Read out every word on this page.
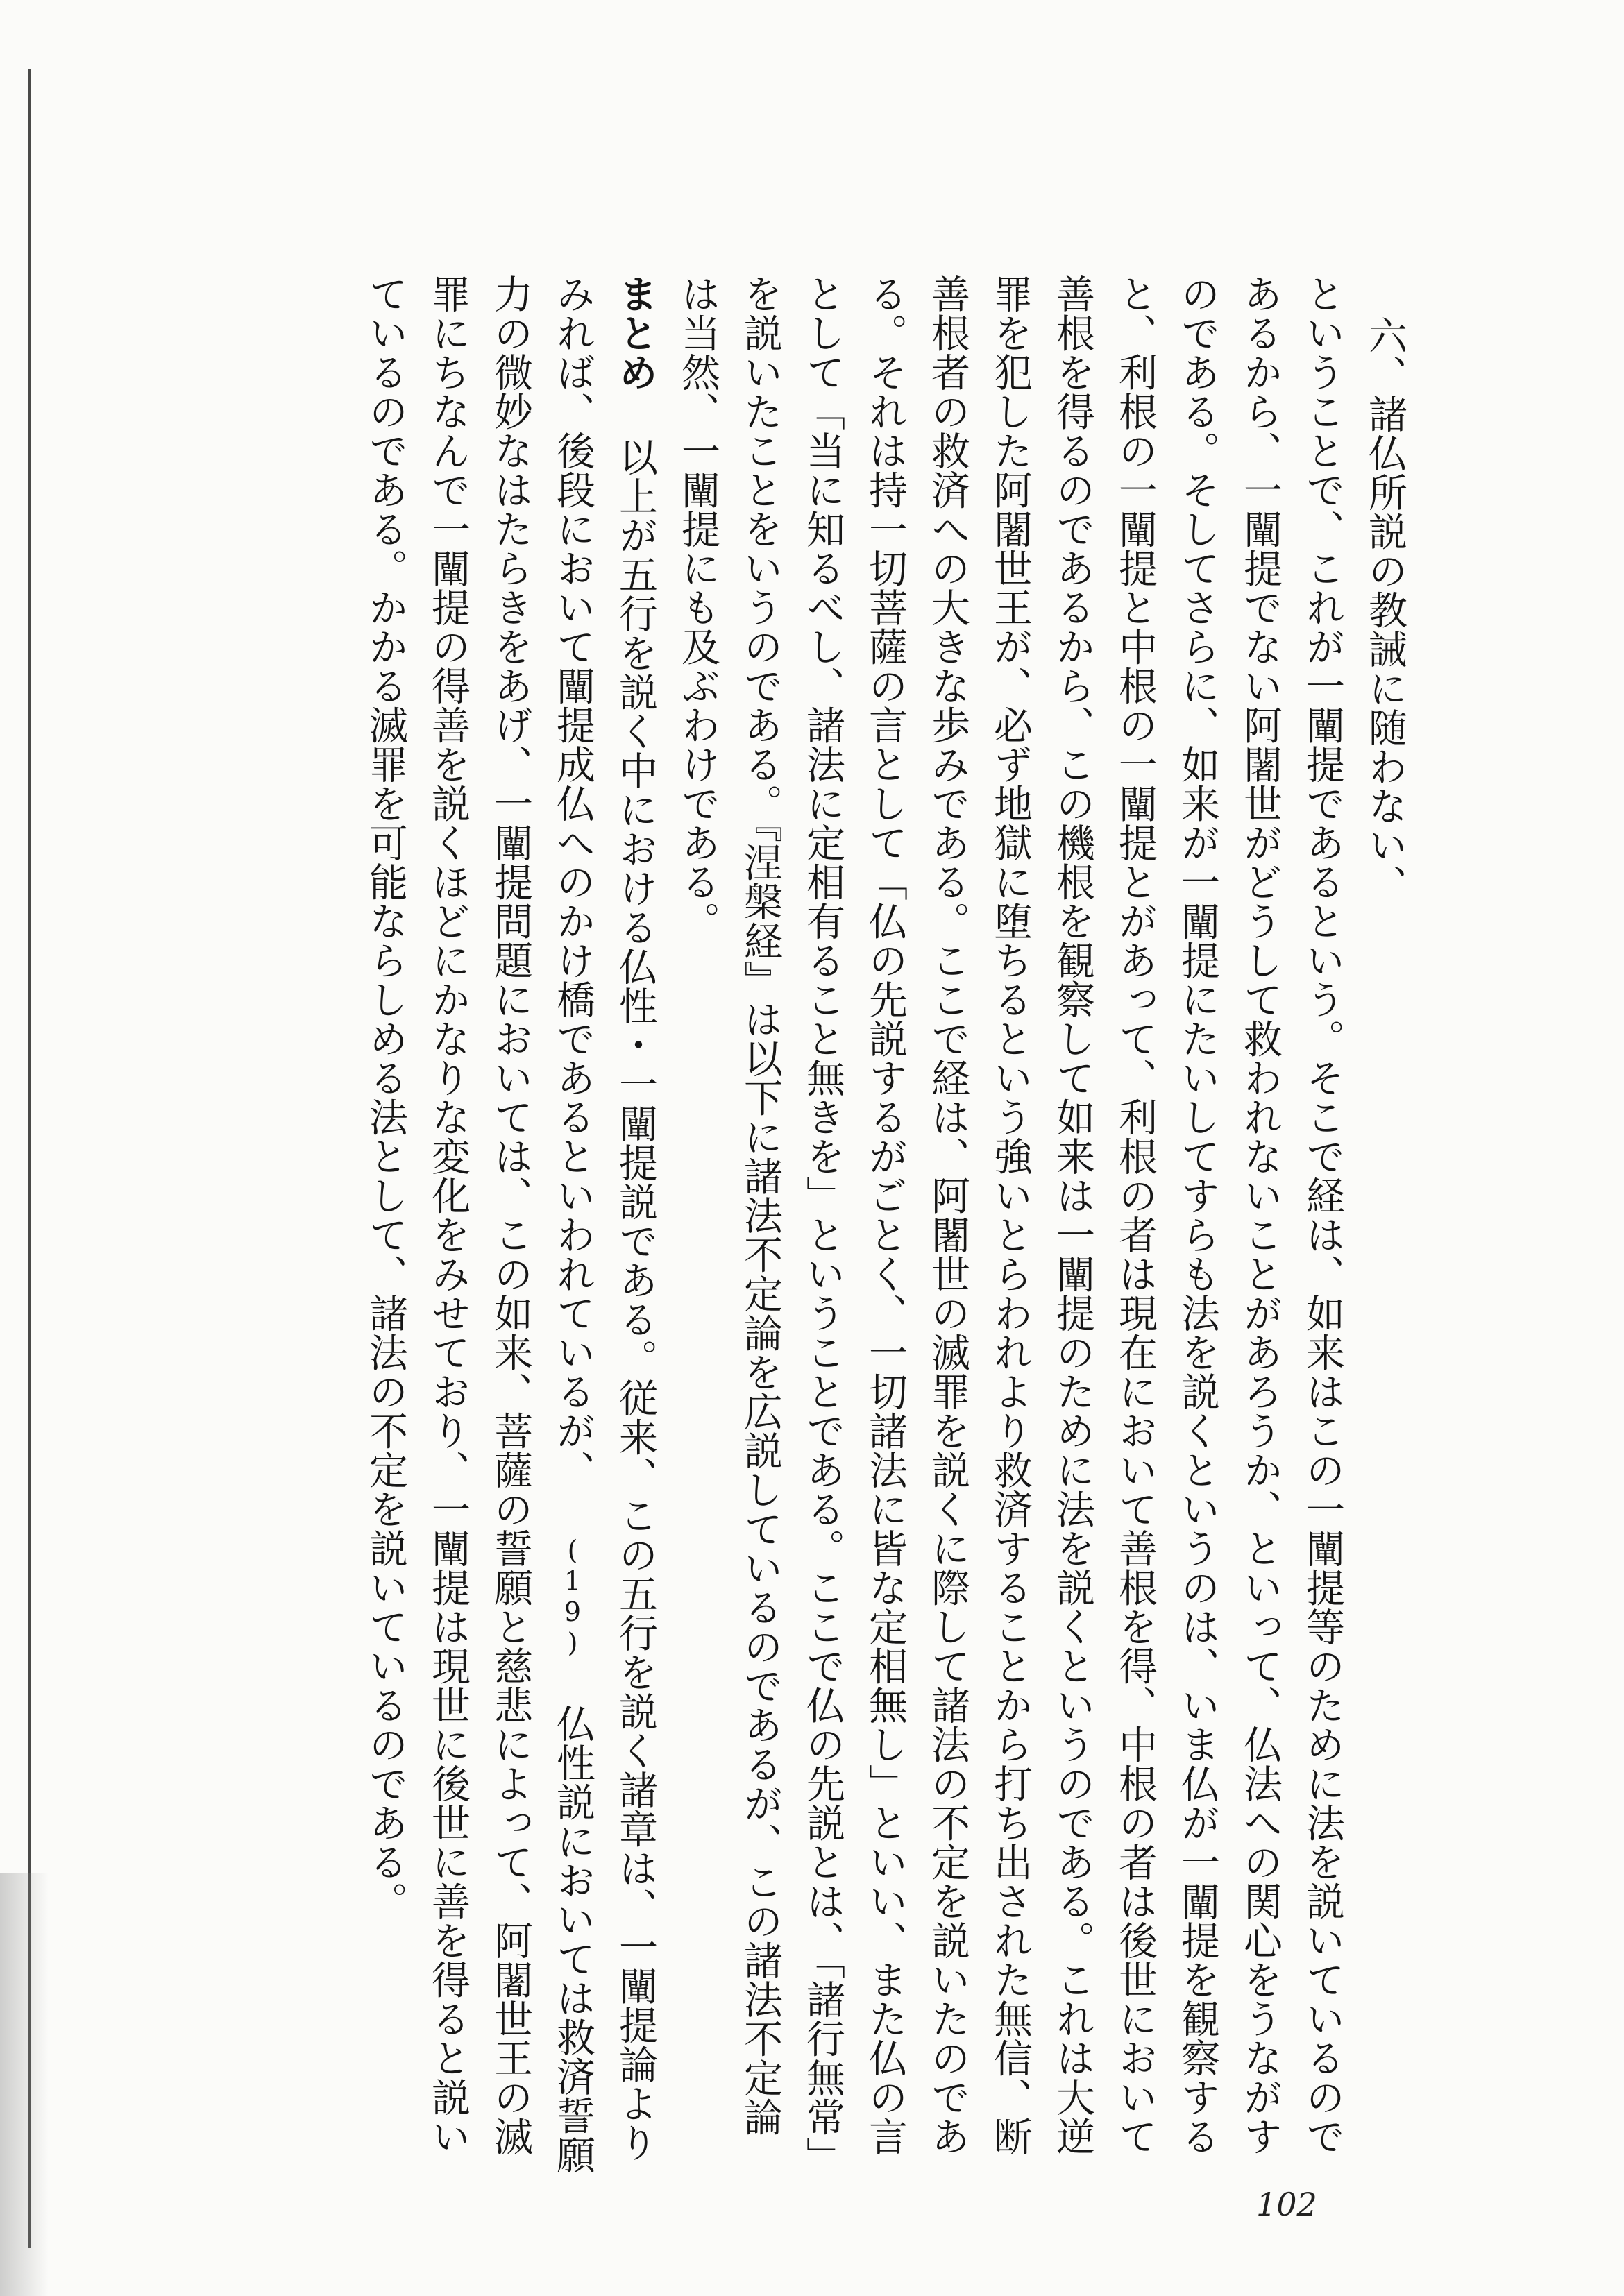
六、諸仏所説の教誡に随わない、

ということで、これが一闡提であるという。そこで経は、如来はこの一闡提等のために法を説いているのであるから、一闡提でない阿闍世がどうして救われないことがあろうか、といって、仏法への関心をうながすのである。そしてさらに、如来が一闡提にたいしてすらも法を説くというのは、いま仏が一闡提を観察すると、利根の一闡提と中根の一闡提とがあって、利根の者は現在において善根を得、中根の者は後世において善根を得るのであるから、この機根を観察して如来は一闡提のために法を説くというのである。これは大逆罪を犯した阿闍世王が、必ず地獄に堕ちるという強いとらわれより救済することから打ち出された無信、断善根者の救済への大きな歩みである。ここで経は、阿闍世の滅罪を説くに際して諸法の不定を説いたのである。それは持一切菩薩の言として「仏の先説するがごとく、一切諸法に皆な定相無し」といい、また仏の言として「当に知るべし、諸法に定相有ること無きを」ということである。ここで仏の先説とは、「諸行無常」を説いたことをいうのである。『涅槃経』は以下に諸法不定論を広説しているのであるが、この諸法不定論は当然、一闡提にも及ぶわけである。

まとめ 以上が五行を説く中における仏性・一闡提説である。従来、この五行を説く諸章は、一闡提論よりみれば、後段において闡提成仏へのかけ橋であるといわれているが、 (19) 仏性説においては救済誓願力の微妙なはたらきをあげ、一闡提問題においては、この如来、菩薩の誓願と慈悲によって、阿闍世王の滅罪にちなんで一闡提の得善を説くほどにかなりな変化をみせており、一闡提は現世に後世に善を得ると説いているのである。かかる滅罪を可能ならしめる法として、諸法の不定を説いているのである。

102
